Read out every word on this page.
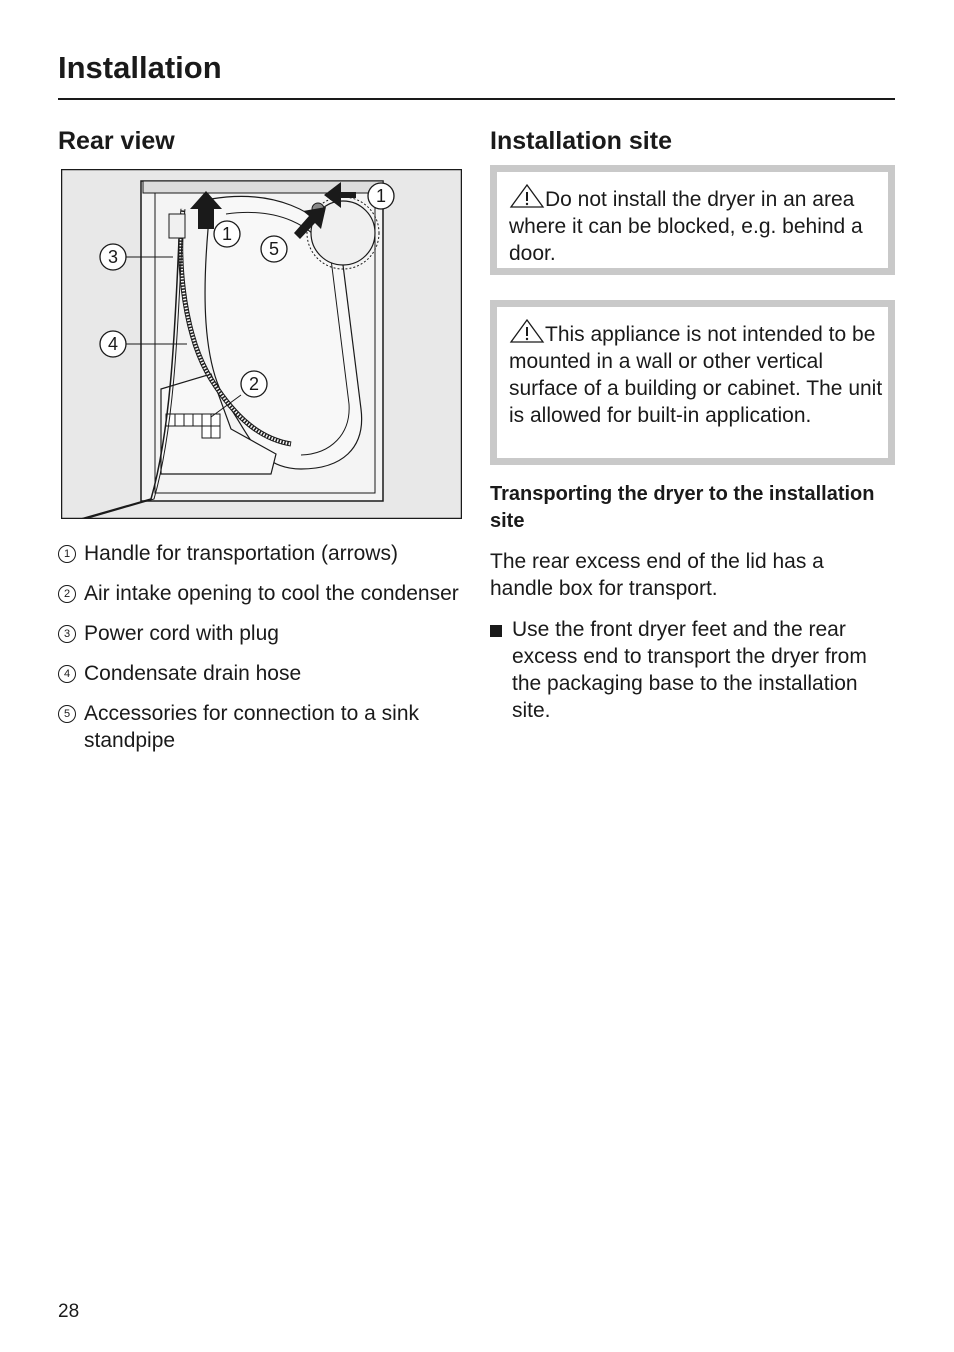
Installation
Rear view	Installation site
1
1
5
3
4
2
1 Handle for transportation (arrows)
2 Air intake opening to cool the condenser
3 Power cord with plug
4 Condensate drain hose
5 Accessories for connection to a sink standpipe

Do not install the dryer in an area where it can be blocked, e.g. behind a door.

This appliance is not intended to be mounted in a wall or other vertical surface of a building or cabinet. The unit is allowed for built-in application.

Transporting the dryer to the installation site

The rear excess end of the lid has a handle box for transport.

Use the front dryer feet and the rear excess end to transport the dryer from the packaging base to the installation site.

28
